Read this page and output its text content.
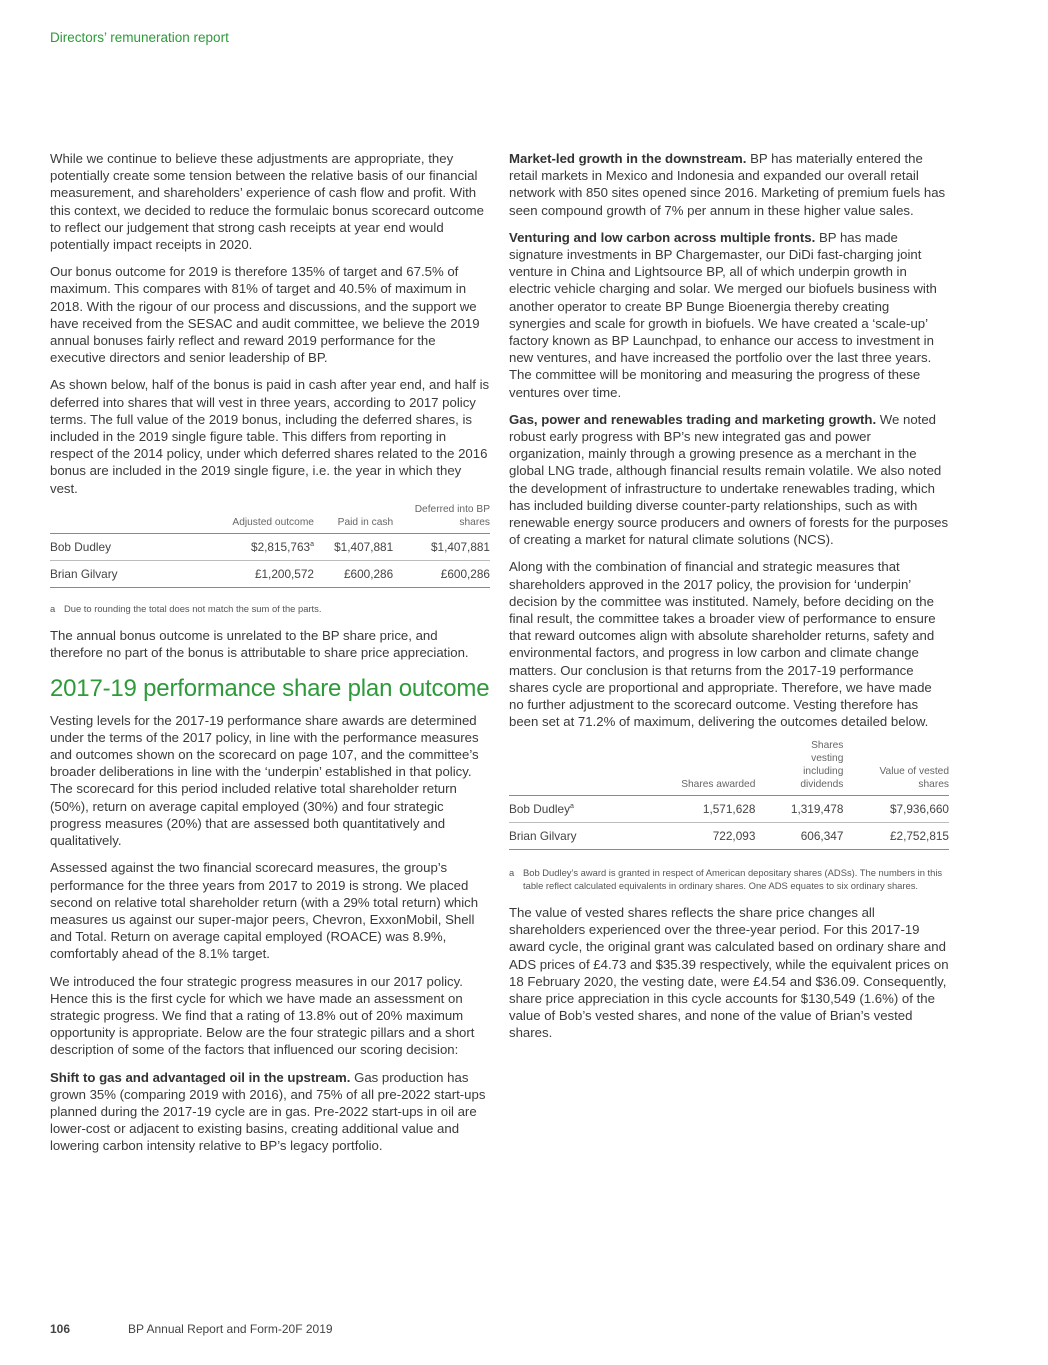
Directors’ remuneration report

While we continue to believe these adjustments are appropriate, they potentially create some tension between the relative basis of our financial measurement, and shareholders’ experience of cash flow and profit. With this context, we decided to reduce the formulaic bonus scorecard outcome to reflect our judgement that strong cash receipts at year end would potentially impact receipts in 2020.

Our bonus outcome for 2019 is therefore 135% of target and 67.5% of maximum. This compares with 81% of target and 40.5% of maximum in 2018. With the rigour of our process and discussions, and the support we have received from the SESAC and audit committee, we believe the 2019 annual bonuses fairly reflect and reward 2019 performance for the executive directors and senior leadership of BP.

As shown below, half of the bonus is paid in cash after year end, and half is deferred into shares that will vest in three years, according to 2017 policy terms. The full value of the 2019 bonus, including the deferred shares, is included in the 2019 single figure table. This differs from reporting in respect of the 2014 policy, under which deferred shares related to the 2016 bonus are included in the 2019 single figure, i.e. the year in which they vest.

	Adjusted outcome	Paid in cash	Deferred into BP shares
Bob Dudley	$2,815,763$^a$	$1,407,881	$1,407,881
Brian Gilvary	£1,200,572	£600,286	£600,286
a Due to rounding the total does not match the sum of the parts.

The annual bonus outcome is unrelated to the BP share price, and therefore no part of the bonus is attributable to share price appreciation.

2017-19 performance share plan outcome

Vesting levels for the 2017-19 performance share awards are determined under the terms of the 2017 policy, in line with the performance measures and outcomes shown on the scorecard on page 107, and the committee’s broader deliberations in line with the ‘underpin’ established in that policy. The scorecard for this period included relative total shareholder return (50%), return on average capital employed (30%) and four strategic progress measures (20%) that are assessed both quantitatively and qualitatively.

Assessed against the two financial scorecard measures, the group’s performance for the three years from 2017 to 2019 is strong. We placed second on relative total shareholder return (with a 29% total return) which measures us against our super-major peers, Chevron, ExxonMobil, Shell and Total. Return on average capital employed (ROACE) was 8.9%, comfortably ahead of the 8.1% target.

We introduced the four strategic progress measures in our 2017 policy. Hence this is the first cycle for which we have made an assessment on strategic progress. We find that a rating of 13.8% out of 20% maximum opportunity is appropriate. Below are the four strategic pillars and a short description of some of the factors that influenced our scoring decision:

Shift to gas and advantaged oil in the upstream. Gas production has grown 35% (comparing 2019 with 2016), and 75% of all pre-2022 start-ups planned during the 2017-19 cycle are in gas. Pre-2022 start-ups in oil are lower-cost or adjacent to existing basins, creating additional value and lowering carbon intensity relative to BP’s legacy portfolio.

Market-led growth in the downstream. BP has materially entered the retail markets in Mexico and Indonesia and expanded our overall retail network with 850 sites opened since 2016. Marketing of premium fuels has seen compound growth of 7% per annum in these higher value sales.

Venturing and low carbon across multiple fronts. BP has made signature investments in BP Chargemaster, our DiDi fast-charging joint venture in China and Lightsource BP, all of which underpin growth in electric vehicle charging and solar. We merged our biofuels business with another operator to create BP Bunge Bioenergia thereby creating synergies and scale for growth in biofuels. We have created a ‘scale-up’ factory known as BP Launchpad, to enhance our access to investment in new ventures, and have increased the portfolio over the last three years. The committee will be monitoring and measuring the progress of these ventures over time.

Gas, power and renewables trading and marketing growth. We noted robust early progress with BP’s new integrated gas and power organization, mainly through a growing presence as a merchant in the global LNG trade, although financial results remain volatile. We also noted the development of infrastructure to undertake renewables trading, which has included building diverse counter-party relationships, such as with renewable energy source producers and owners of forests for the purposes of creating a market for natural climate solutions (NCS).

Along with the combination of financial and strategic measures that shareholders approved in the 2017 policy, the provision for ‘underpin’ decision by the committee was instituted. Namely, before deciding on the final result, the committee takes a broader view of performance to ensure that reward outcomes align with absolute shareholder returns, safety and environmental factors, and progress in low carbon and climate change matters. Our conclusion is that returns from the 2017-19 performance shares cycle are proportional and appropriate. Therefore, we have made no further adjustment to the scorecard outcome. Vesting therefore has been set at 71.2% of maximum, delivering the outcomes detailed below.

	Shares awarded	Shares vesting including dividends	Value of vested shares
Bob Dudley$^a$	1,571,628	1,319,478	$7,936,660
Brian Gilvary	722,093	606,347	£2,752,815
a Bob Dudley’s award is granted in respect of American depositary shares (ADSs). The numbers in this table reflect calculated equivalents in ordinary shares. One ADS equates to six ordinary shares.

The value of vested shares reflects the share price changes all shareholders experienced over the three-year period. For this 2017-19 award cycle, the original grant was calculated based on ordinary share and ADS prices of £4.73 and $35.39 respectively, while the equivalent prices on 18 February 2020, the vesting date, were £4.54 and $36.09. Consequently, share price appreciation in this cycle accounts for $130,549 (1.6%) of the value of Bob’s vested shares, and none of the value of Brian’s vested shares.

106	BP Annual Report and Form-20F 2019
